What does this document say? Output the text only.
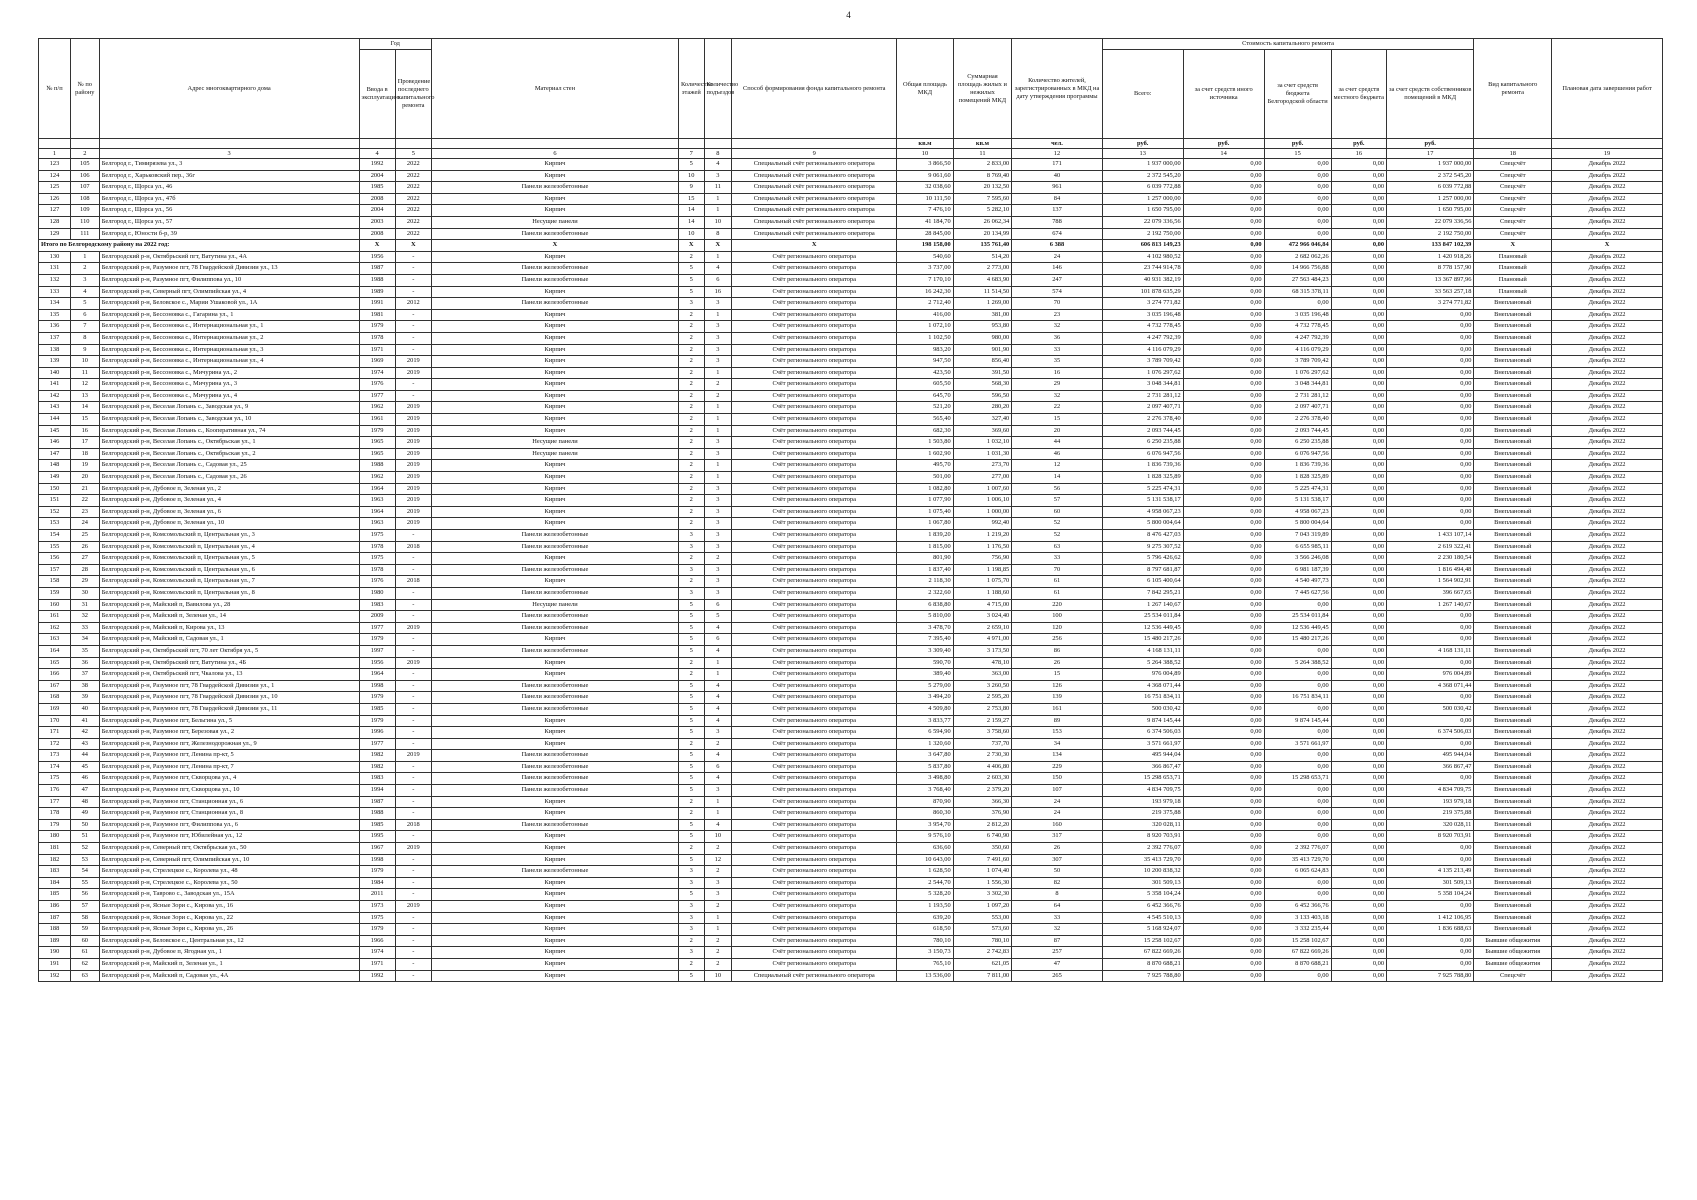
4
№ п/п	№ по району	Адрес многоквартирного дома	Год		Материал стен	Количество этажей	Количество подъездов	Способ формирования фонда капитального ремонта	Общая площадь МКД	Суммарная площадь жилых и нежилых помещений МКД	Количество жителей, зарегистрированных в МКД на дату утверждения программы	Стоимость капитального ремонта					Вид капитального ремонта	Плановая дата завершения работ
			Ввода в эксплуатацию	Проведение последнего капитального ремонта								Всего:	за счет средств иного источника	за счет средств бюджета Белгородской области	за счет средств местного бюджета	за счет средств собственников помещений в МКД		
									кв.м	кв.м	чел.	руб.	руб.	руб.	руб.	руб.		
1	2	3	4	5	6	7	8	9	10	11	12	13	14	15	16	17	18	19
123	105	Белгород г., Тимирязева ул., 3	1992	2022	Кирпич	5	4	Специальный счёт регионального оператора	3 866,50	2 833,00	171	1 937 000,00	0,00	0,00	0,00	1 937 000,00	Спецсчёт	Декабрь 2022
124	106	Белгород г., Харьковский пер., 36г	2004	2022	Кирпич	10	3	Специальный счёт регионального оператора	9 061,60	8 769,40	40	2 372 545,20	0,00	0,00	0,00	2 372 545,20	Спецсчёт	Декабрь 2022
125	107	Белгород г., Щорса ул., 46	1985	2022	Панели железобетонные	9	11	Специальный счёт регионального оператора	32 038,60	20 132,50	961	6 039 772,88	0,00	0,00	0,00	6 039 772,88	Спецсчёт	Декабрь 2022
126	108	Белгород г., Щорса ул., 47б	2008	2022	Кирпич	15	1	Специальный счёт регионального оператора	10 111,50	7 595,60	84	1 257 000,00	0,00	0,00	0,00	1 257 000,00	Спецсчёт	Декабрь 2022
127	109	Белгород г., Щорса ул., 56	2004	2022	Кирпич	14	1	Специальный счёт регионального оператора	7 476,10	5 282,10	137	1 650 795,00	0,00	0,00	0,00	1 650 795,00	Спецсчёт	Декабрь 2022
128	110	Белгород г., Щорса ул., 57	2003	2022	Несущие панели	14	10	Специальный счёт регионального оператора	41 184,70	26 062,34	788	22 079 336,56	0,00	0,00	0,00	22 079 336,56	Спецсчёт	Декабрь 2022
129	111	Белгород г., Юности б-р, 39	2008	2022	Панели железобетонные	10	8	Специальный счёт регионального оператора	28 845,00	20 134,99	674	2 192 750,00	0,00	0,00	0,00	2 192 750,00	Спецсчёт	Декабрь 2022
Итого по Белгородскому району на 2022 год:			X	X	X	X	X	X	198 158,00	135 761,40	6 388	606 813 149,23	0,00	472 966 046,84	0,00	133 847 102,39	X	X
130	1	Белгородский р-н, Октябрьский пгт, Ватутина ул., 4А	1956	-	Кирпич	2	1	Счёт регионального оператора	540,60	514,20	24	4 102 980,52	0,00	2 682 062,26	0,00	1 420 918,26	Плановый	Декабрь 2022
131	2	Белгородский р-н, Разумное пгт, 78 Гвардейской Дивизии ул., 13	1987	-	Панели железобетонные	5	4	Счёт регионального оператора	3 737,00	2 773,00	146	23 744 914,78	0,00	14 966 756,88	0,00	8 778 157,90	Плановый	Декабрь 2022
132	3	Белгородский р-н, Разумное пгт, Филиппова ул., 10	1988	-	Панели железобетонные	5	6	Счёт регионального оператора	7 170,10	4 683,90	247	40 931 382,19	0,00	27 563 484,23	0,00	13 367 897,96	Плановый	Декабрь 2022
133	4	Белгородский р-н, Северный пгт, Олимпийская ул., 4	1989	-	Кирпич	5	16	Счёт регионального оператора	16 242,30	11 514,50	574	101 878 635,29	0,00	68 315 378,11	0,00	33 563 257,18	Плановый	Декабрь 2022
134	5	Белгородский р-н, Беловское с., Марии Ушаковой ул., 1А	1991	2012	Панели железобетонные	3	3	Счёт регионального оператора	2 712,40	1 269,00	70	3 274 771,82	0,00	0,00	0,00	3 274 771,82	Внеплановый	Декабрь 2022
135	6	Белгородский р-н, Бессоновка с., Гагарина ул., 1	1981	-	Кирпич	2	1	Счёт регионального оператора	416,00	381,00	23	3 035 196,48	0,00	3 035 196,48	0,00	0,00	Внеплановый	Декабрь 2022
136	7	Белгородский р-н, Бессоновка с., Интернациональная ул., 1	1979	-	Кирпич	2	3	Счёт регионального оператора	1 072,10	953,80	32	4 732 778,45	0,00	4 732 778,45	0,00	0,00	Внеплановый	Декабрь 2022
137	8	Белгородский р-н, Бессоновка с., Интернациональная ул., 2	1978	-	Кирпич	2	3	Счёт регионального оператора	1 102,50	980,00	36	4 247 792,39	0,00	4 247 792,39	0,00	0,00	Внеплановый	Декабрь 2022
138	9	Белгородский р-н, Бессоновка с., Интернациональная ул., 3	1971	-	Кирпич	2	3	Счёт регионального оператора	983,20	901,90	33	4 116 079,29	0,00	4 116 079,29	0,00	0,00	Внеплановый	Декабрь 2022
139	10	Белгородский р-н, Бессоновка с., Интернациональная ул., 4	1969	2019	Кирпич	2	3	Счёт регионального оператора	947,50	856,40	35	3 789 709,42	0,00	3 789 709,42	0,00	0,00	Внеплановый	Декабрь 2022
140	11	Белгородский р-н, Бессоновка с., Мичурина ул., 2	1974	2019	Кирпич	2	1	Счёт регионального оператора	423,50	391,50	16	1 076 297,62	0,00	1 076 297,62	0,00	0,00	Внеплановый	Декабрь 2022
141	12	Белгородский р-н, Бессоновка с., Мичурина ул., 3	1976	-	Кирпич	2	2	Счёт регионального оператора	605,50	568,30	29	3 048 344,81	0,00	3 048 344,81	0,00	0,00	Внеплановый	Декабрь 2022
142	13	Белгородский р-н, Бессоновка с., Мичурина ул., 4	1977	-	Кирпич	2	2	Счёт регионального оператора	645,70	596,50	32	2 731 281,12	0,00	2 731 281,12	0,00	0,00	Внеплановый	Декабрь 2022
143	14	Белгородский р-н, Веселая Лопань с., Заводская ул., 9	1962	2019	Кирпич	2	1	Счёт регионального оператора	521,20	280,20	22	2 097 407,71	0,00	2 097 407,71	0,00	0,00	Внеплановый	Декабрь 2022
144	15	Белгородский р-н, Веселая Лопань с., Заводская ул., 10	1961	2019	Кирпич	2	1	Счёт регионального оператора	565,40	327,40	15	2 276 378,40	0,00	2 276 378,40	0,00	0,00	Внеплановый	Декабрь 2022
145	16	Белгородский р-н, Веселая Лопань с., Кооперативная ул., 74	1979	2019	Кирпич	2	1	Счёт регионального оператора	682,30	369,60	20	2 093 744,45	0,00	2 093 744,45	0,00	0,00	Внеплановый	Декабрь 2022
146	17	Белгородский р-н, Веселая Лопань с., Октябрьская ул., 1	1965	2019	Несущие панели	2	3	Счёт регионального оператора	1 503,80	1 032,10	44	6 250 235,88	0,00	6 250 235,88	0,00	0,00	Внеплановый	Декабрь 2022
147	18	Белгородский р-н, Веселая Лопань с., Октябрьская ул., 2	1965	2019	Несущие панели	2	3	Счёт регионального оператора	1 602,90	1 031,30	46	6 076 947,56	0,00	6 076 947,56	0,00	0,00	Внеплановый	Декабрь 2022
148	19	Белгородский р-н, Веселая Лопань с., Садовая ул., 25	1988	2019	Кирпич	2	1	Счёт регионального оператора	495,70	273,70	12	1 836 739,36	0,00	1 836 739,36	0,00	0,00	Внеплановый	Декабрь 2022
149	20	Белгородский р-н, Веселая Лопань с., Садовая ул., 26	1962	2019	Кирпич	2	1	Счёт регионального оператора	501,00	277,00	14	1 828 325,89	0,00	1 828 325,89	0,00	0,00	Внеплановый	Декабрь 2022
150	21	Белгородский р-н, Дубовое п, Зеленая ул., 2	1964	2019	Кирпич	2	3	Счёт регионального оператора	1 082,80	1 007,60	56	5 225 474,31	0,00	5 225 474,31	0,00	0,00	Внеплановый	Декабрь 2022
151	22	Белгородский р-н, Дубовое п, Зеленая ул., 4	1963	2019	Кирпич	2	3	Счёт регионального оператора	1 077,90	1 006,10	57	5 131 538,17	0,00	5 131 538,17	0,00	0,00	Внеплановый	Декабрь 2022
152	23	Белгородский р-н, Дубовое п, Зеленая ул., 6	1964	2019	Кирпич	2	3	Счёт регионального оператора	1 075,40	1 000,00	60	4 958 067,23	0,00	4 958 067,23	0,00	0,00	Внеплановый	Декабрь 2022
153	24	Белгородский р-н, Дубовое п, Зеленая ул., 10	1963	2019	Кирпич	2	3	Счёт регионального оператора	1 067,80	992,40	52	5 800 004,64	0,00	5 800 004,64	0,00	0,00	Внеплановый	Декабрь 2022
154	25	Белгородский р-н, Комсомольский п, Центральная ул., 3	1975	-	Панели железобетонные	3	3	Счёт регионального оператора	1 839,20	1 219,20	52	8 476 427,03	0,00	7 043 319,89	0,00	1 433 107,14	Внеплановый	Декабрь 2022
155	26	Белгородский р-н, Комсомольский п, Центральная ул., 4	1978	2018	Панели железобетонные	3	3	Счёт регионального оператора	1 815,00	1 176,50	63	9 275 307,52	0,00	6 655 985,11	0,00	2 619 322,41	Внеплановый	Декабрь 2022
156	27	Белгородский р-н, Комсомольский п, Центральная ул., 5	1975	-	Кирпич	2	2	Счёт регионального оператора	801,90	756,90	33	5 796 426,62	0,00	3 566 246,08	0,00	2 230 180,54	Внеплановый	Декабрь 2022
157	28	Белгородский р-н, Комсомольский п, Центральная ул., 6	1978	-	Панели железобетонные	3	3	Счёт регионального оператора	1 837,40	1 198,85	70	8 797 681,87	0,00	6 981 187,39	0,00	1 816 494,48	Внеплановый	Декабрь 2022
158	29	Белгородский р-н, Комсомольский п, Центральная ул., 7	1976	2018	Кирпич	2	3	Счёт регионального оператора	2 118,30	1 075,70	61	6 105 400,64	0,00	4 540 497,73	0,00	1 564 902,91	Внеплановый	Декабрь 2022
159	30	Белгородский р-н, Комсомольский п, Центральная ул., 8	1980	-	Панели железобетонные	3	3	Счёт регионального оператора	2 322,60	1 188,60	61	7 842 295,21	0,00	7 445 627,56	0,00	396 667,65	Внеплановый	Декабрь 2022
160	31	Белгородский р-н, Майский п, Вавилова ул., 28	1983	-	Несущие панели	5	6	Счёт регионального оператора	6 838,80	4 715,00	220	1 267 140,67	0,00	0,00	0,00	1 267 140,67	Внеплановый	Декабрь 2022
161	32	Белгородский р-н, Майский п, Зеленая ул., 14	2009	-	Панели железобетонные	5	5	Счёт регионального оператора	5 810,00	3 024,40	100	25 534 011,84	0,00	25 534 011,84	0,00	0,00	Внеплановый	Декабрь 2022
162	33	Белгородский р-н, Майский п, Кирова ул., 13	1977	2019	Панели железобетонные	5	4	Счёт регионального оператора	3 478,70	2 659,10	120	12 536 449,45	0,00	12 536 449,45	0,00	0,00	Внеплановый	Декабрь 2022
163	34	Белгородский р-н, Майский п, Садовая ул., 1	1979	-	Кирпич	5	6	Счёт регионального оператора	7 395,40	4 971,00	256	15 480 217,26	0,00	15 480 217,26	0,00	0,00	Внеплановый	Декабрь 2022
164	35	Белгородский р-н, Октябрьский пгт, 70 лет Октября ул., 5	1997	-	Панели железобетонные	5	4	Счёт регионального оператора	3 309,40	3 173,50	86	4 168 131,11	0,00	0,00	0,00	4 168 131,11	Внеплановый	Декабрь 2022
165	36	Белгородский р-н, Октябрьский пгт, Ватутина ул., 4Б	1956	2019	Кирпич	2	1	Счёт регионального оператора	590,70	478,10	26	5 264 388,52	0,00	5 264 388,52	0,00	0,00	Внеплановый	Декабрь 2022
166	37	Белгородский р-н, Октябрьский пгт, Чкалова ул., 13	1964	-	Кирпич	2	1	Счёт регионального оператора	389,40	363,00	15	976 004,89	0,00	0,00	0,00	976 004,89	Внеплановый	Декабрь 2022
167	38	Белгородский р-н, Разумное пгт, 78 Гвардейской Дивизии ул., 1	1998	-	Панели железобетонные	5	4	Счёт регионального оператора	5 279,00	3 260,50	126	4 368 071,44	0,00	0,00	0,00	4 368 071,44	Внеплановый	Декабрь 2022
168	39	Белгородский р-н, Разумное пгт, 78 Гвардейской Дивизии ул., 10	1979	-	Панели железобетонные	5	4	Счёт регионального оператора	3 494,20	2 595,20	139	16 751 834,11	0,00	16 751 834,11	0,00	0,00	Внеплановый	Декабрь 2022
169	40	Белгородский р-н, Разумное пгт, 78 Гвардейской Дивизии ул., 11	1985	-	Панели железобетонные	5	4	Счёт регионального оператора	4 509,80	2 753,80	161	500 030,42	0,00	0,00	0,00	500 030,42	Внеплановый	Декабрь 2022
170	41	Белгородский р-н, Разумное пгт, Бельгина ул., 5	1979	-	Кирпич	5	4	Счёт регионального оператора	3 833,77	2 159,27	89	9 874 145,44	0,00	9 874 145,44	0,00	0,00	Внеплановый	Декабрь 2022
171	42	Белгородский р-н, Разумное пгт, Березовая ул., 2	1996	-	Кирпич	5	3	Счёт регионального оператора	6 594,90	3 758,60	153	6 374 506,03	0,00	0,00	0,00	6 374 506,03	Внеплановый	Декабрь 2022
172	43	Белгородский р-н, Разумное пгт, Железнодорожная ул., 9	1977	-	Кирпич	2	2	Счёт регионального оператора	1 320,60	737,70	34	3 571 661,97	0,00	3 571 661,97	0,00	0,00	Внеплановый	Декабрь 2022
173	44	Белгородский р-н, Разумное пгт, Ленина пр-кт, 5	1982	2019	Панели железобетонные	5	4	Счёт регионального оператора	3 647,80	2 730,30	134	495 944,04	0,00	0,00	0,00	495 944,04	Внеплановый	Декабрь 2022
174	45	Белгородский р-н, Разумное пгт, Ленина пр-кт, 7	1982	-	Панели железобетонные	5	6	Счёт регионального оператора	5 837,80	4 406,80	229	366 867,47	0,00	0,00	0,00	366 867,47	Внеплановый	Декабрь 2022
175	46	Белгородский р-н, Разумное пгт, Скворцова ул., 4	1983	-	Панели железобетонные	5	4	Счёт регионального оператора	3 498,80	2 603,30	150	15 298 653,71	0,00	15 298 653,71	0,00	0,00	Внеплановый	Декабрь 2022
176	47	Белгородский р-н, Разумное пгт, Скворцова ул., 10	1994	-	Панели железобетонные	5	3	Счёт регионального оператора	3 768,40	2 379,20	107	4 834 709,75	0,00	0,00	0,00	4 834 709,75	Внеплановый	Декабрь 2022
177	48	Белгородский р-н, Разумное пгт, Станционная ул., 6	1987	-	Кирпич	2	1	Счёт регионального оператора	870,90	366,30	24	193 979,18	0,00	0,00	0,00	193 979,18	Внеплановый	Декабрь 2022
178	49	Белгородский р-н, Разумное пгт, Станционная ул., 8	1988	-	Кирпич	2	1	Счёт регионального оператора	860,30	376,90	24	219 375,88	0,00	0,00	0,00	219 375,88	Внеплановый	Декабрь 2022
179	50	Белгородский р-н, Разумное пгт, Филиппова ул., 6	1985	2018	Панели железобетонные	5	4	Счёт регионального оператора	3 954,70	2 812,20	160	320 028,11	0,00	0,00	0,00	320 028,11	Внеплановый	Декабрь 2022
180	51	Белгородский р-н, Разумное пгт, Юбилейная ул., 12	1995	-	Кирпич	5	10	Счёт регионального оператора	9 576,10	6 740,90	317	8 920 703,91	0,00	0,00	0,00	8 920 703,91	Внеплановый	Декабрь 2022
181	52	Белгородский р-н, Северный пгт, Октябрьская ул., 50	1967	2019	Кирпич	2	2	Счёт регионального оператора	636,60	350,60	26	2 392 776,07	0,00	2 392 776,07	0,00	0,00	Внеплановый	Декабрь 2022
182	53	Белгородский р-н, Северный пгт, Олимпийская ул., 10	1998	-	Кирпич	5	12	Счёт регионального оператора	10 643,00	7 491,60	307	35 413 729,70	0,00	35 413 729,70	0,00	0,00	Внеплановый	Декабрь 2022
183	54	Белгородский р-н, Стрелецкое с., Королева ул., 48	1979	-	Панели железобетонные	3	2	Счёт регионального оператора	1 628,50	1 074,40	50	10 200 838,32	0,00	6 065 624,83	0,00	4 135 213,49	Внеплановый	Декабрь 2022
184	55	Белгородский р-н, Стрелецкое с., Королева ул., 50	1984	-	Кирпич	3	3	Счёт регионального оператора	2 544,70	1 556,30	82	301 509,13	0,00	0,00	0,00	301 509,13	Внеплановый	Декабрь 2022
185	56	Белгородский р-н, Таврово с., Заводская ул., 15А	2011	-	Кирпич	5	3	Счёт регионального оператора	5 328,20	3 302,30	8	5 358 104,24	0,00	0,00	0,00	5 358 104,24	Внеплановый	Декабрь 2022
186	57	Белгородский р-н, Ясные Зори с., Кирова ул., 16	1973	2019	Кирпич	3	2	Счёт регионального оператора	1 193,50	1 097,20	64	6 452 366,76	0,00	6 452 366,76	0,00	0,00	Внеплановый	Декабрь 2022
187	58	Белгородский р-н, Ясные Зори с., Кирова ул., 22	1975	-	Кирпич	3	1	Счёт регионального оператора	639,20	553,00	33	4 545 510,13	0,00	3 133 403,18	0,00	1 412 106,95	Внеплановый	Декабрь 2022
188	59	Белгородский р-н, Ясные Зори с., Кирова ул., 26	1979	-	Кирпич	3	1	Счёт регионального оператора	618,50	573,60	32	5 168 924,07	0,00	3 332 235,44	0,00	1 836 688,63	Внеплановый	Декабрь 2022
189	60	Белгородский р-н, Беловское с., Центральная ул., 12	1966	-	Кирпич	2	2	Счёт регионального оператора	780,10	780,10	87	15 258 102,67	0,00	15 258 102,67	0,00	0,00	Бывшие общежития	Декабрь 2022
190	61	Белгородский р-н, Дубовое п, Ягодная ул., 1	1974	-	Кирпич	3	2	Счёт регионального оператора	3 150,73	2 742,83	257	67 822 669,26	0,00	67 822 669,26	0,00	0,00	Бывшие общежития	Декабрь 2022
191	62	Белгородский р-н, Майский п, Зеленая ул., 1	1971	-	Кирпич	2	2	Счёт регионального оператора	765,10	621,05	47	8 870 688,21	0,00	8 870 688,21	0,00	0,00	Бывшие общежития	Декабрь 2022
192	63	Белгородский р-н, Майский п, Садовая ул., 4А	1992	-	Кирпич	5	10	Специальный счёт регионального оператора	13 536,00	7 811,00	265	7 925 788,80	0,00	0,00	0,00	7 925 788,80	Спецсчёт	Декабрь 2022
